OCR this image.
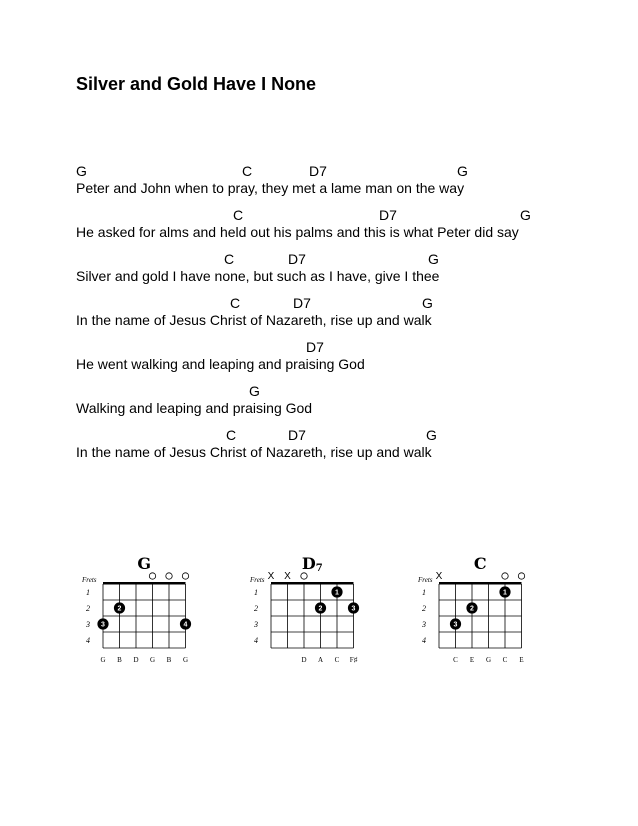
Silver and Gold Have I None
G	C	D7	G
Peter and John when to pray, they met a lame man on the way
C	D7	G
He asked for alms and held out his palms and this is what Peter did say
C	D7	G
Silver and gold I have none, but such as I have, give I thee
C	D7	G
In the name of Jesus Christ of Nazareth, rise up and walk
D7
He went walking and leaping and praising God
G
Walking and leaping and praising God
C	D7	G
In the name of Jesus Christ of Nazareth, rise up and walk
G
Frets
1
2
3
4
2
3	4
G B D G B G
D7
Frets
1
2
3
4
X X
1
2	3
D A C F♯
C
Frets
1
2
3
4
X
1
2
3
C E G C E
